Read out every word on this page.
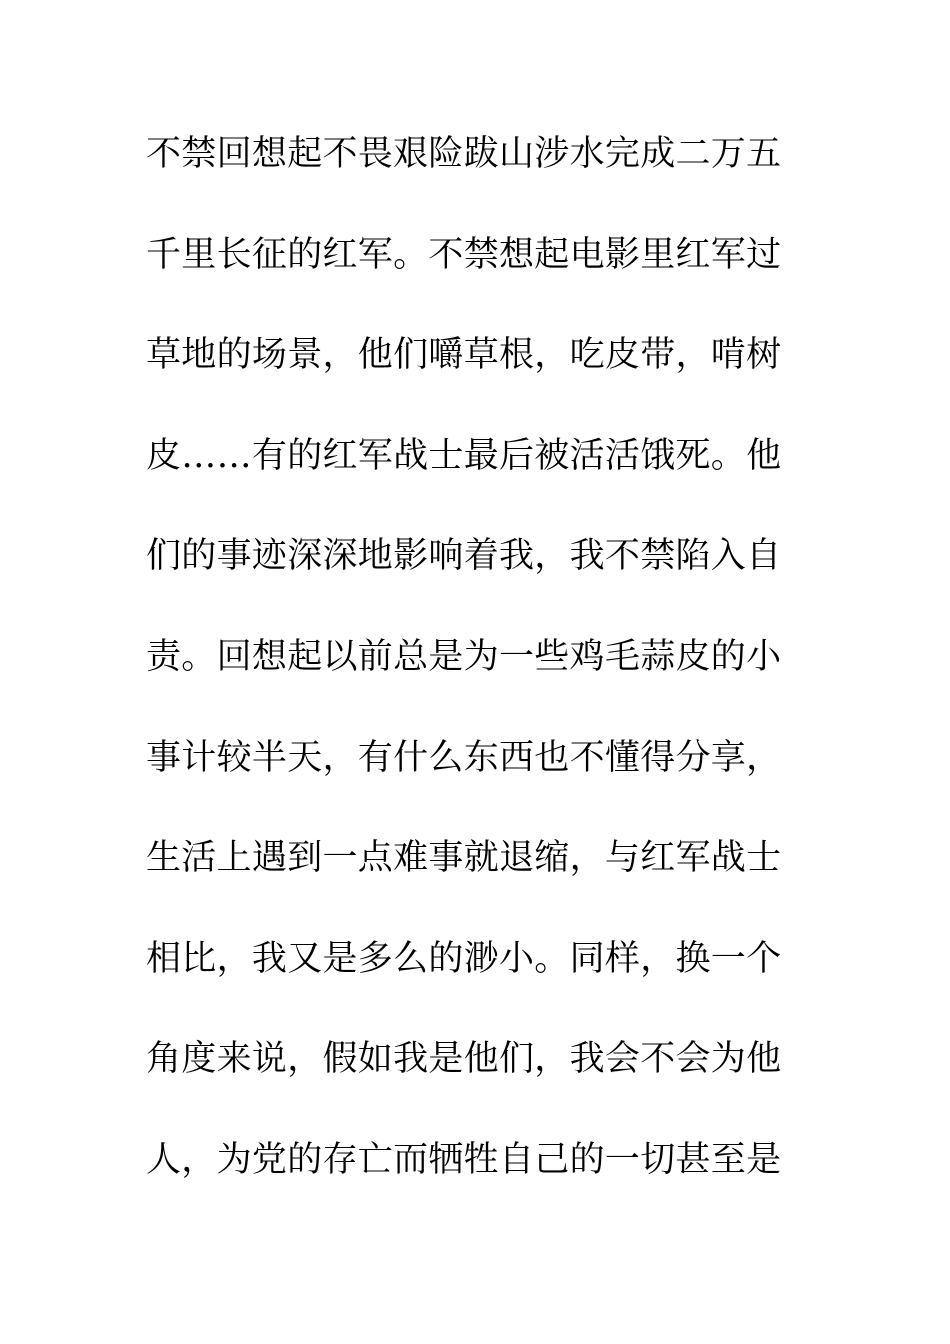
不禁回想起不畏艰险跋山涉水完成二万五
千里长征的红军。不禁想起电影里红军过
草地的场景，他们嚼草根，吃皮带，啃树
皮……有的红军战士最后被活活饿死。他
们的事迹深深地影响着我，我不禁陷入自
责。回想起以前总是为一些鸡毛蒜皮的小
事计较半天，有什么东西也不懂得分享，
生活上遇到一点难事就退缩，与红军战士
相比，我又是多么的渺小。同样，换一个
角度来说，假如我是他们，我会不会为他
人，为党的存亡而牺牲自己的一切甚至是
